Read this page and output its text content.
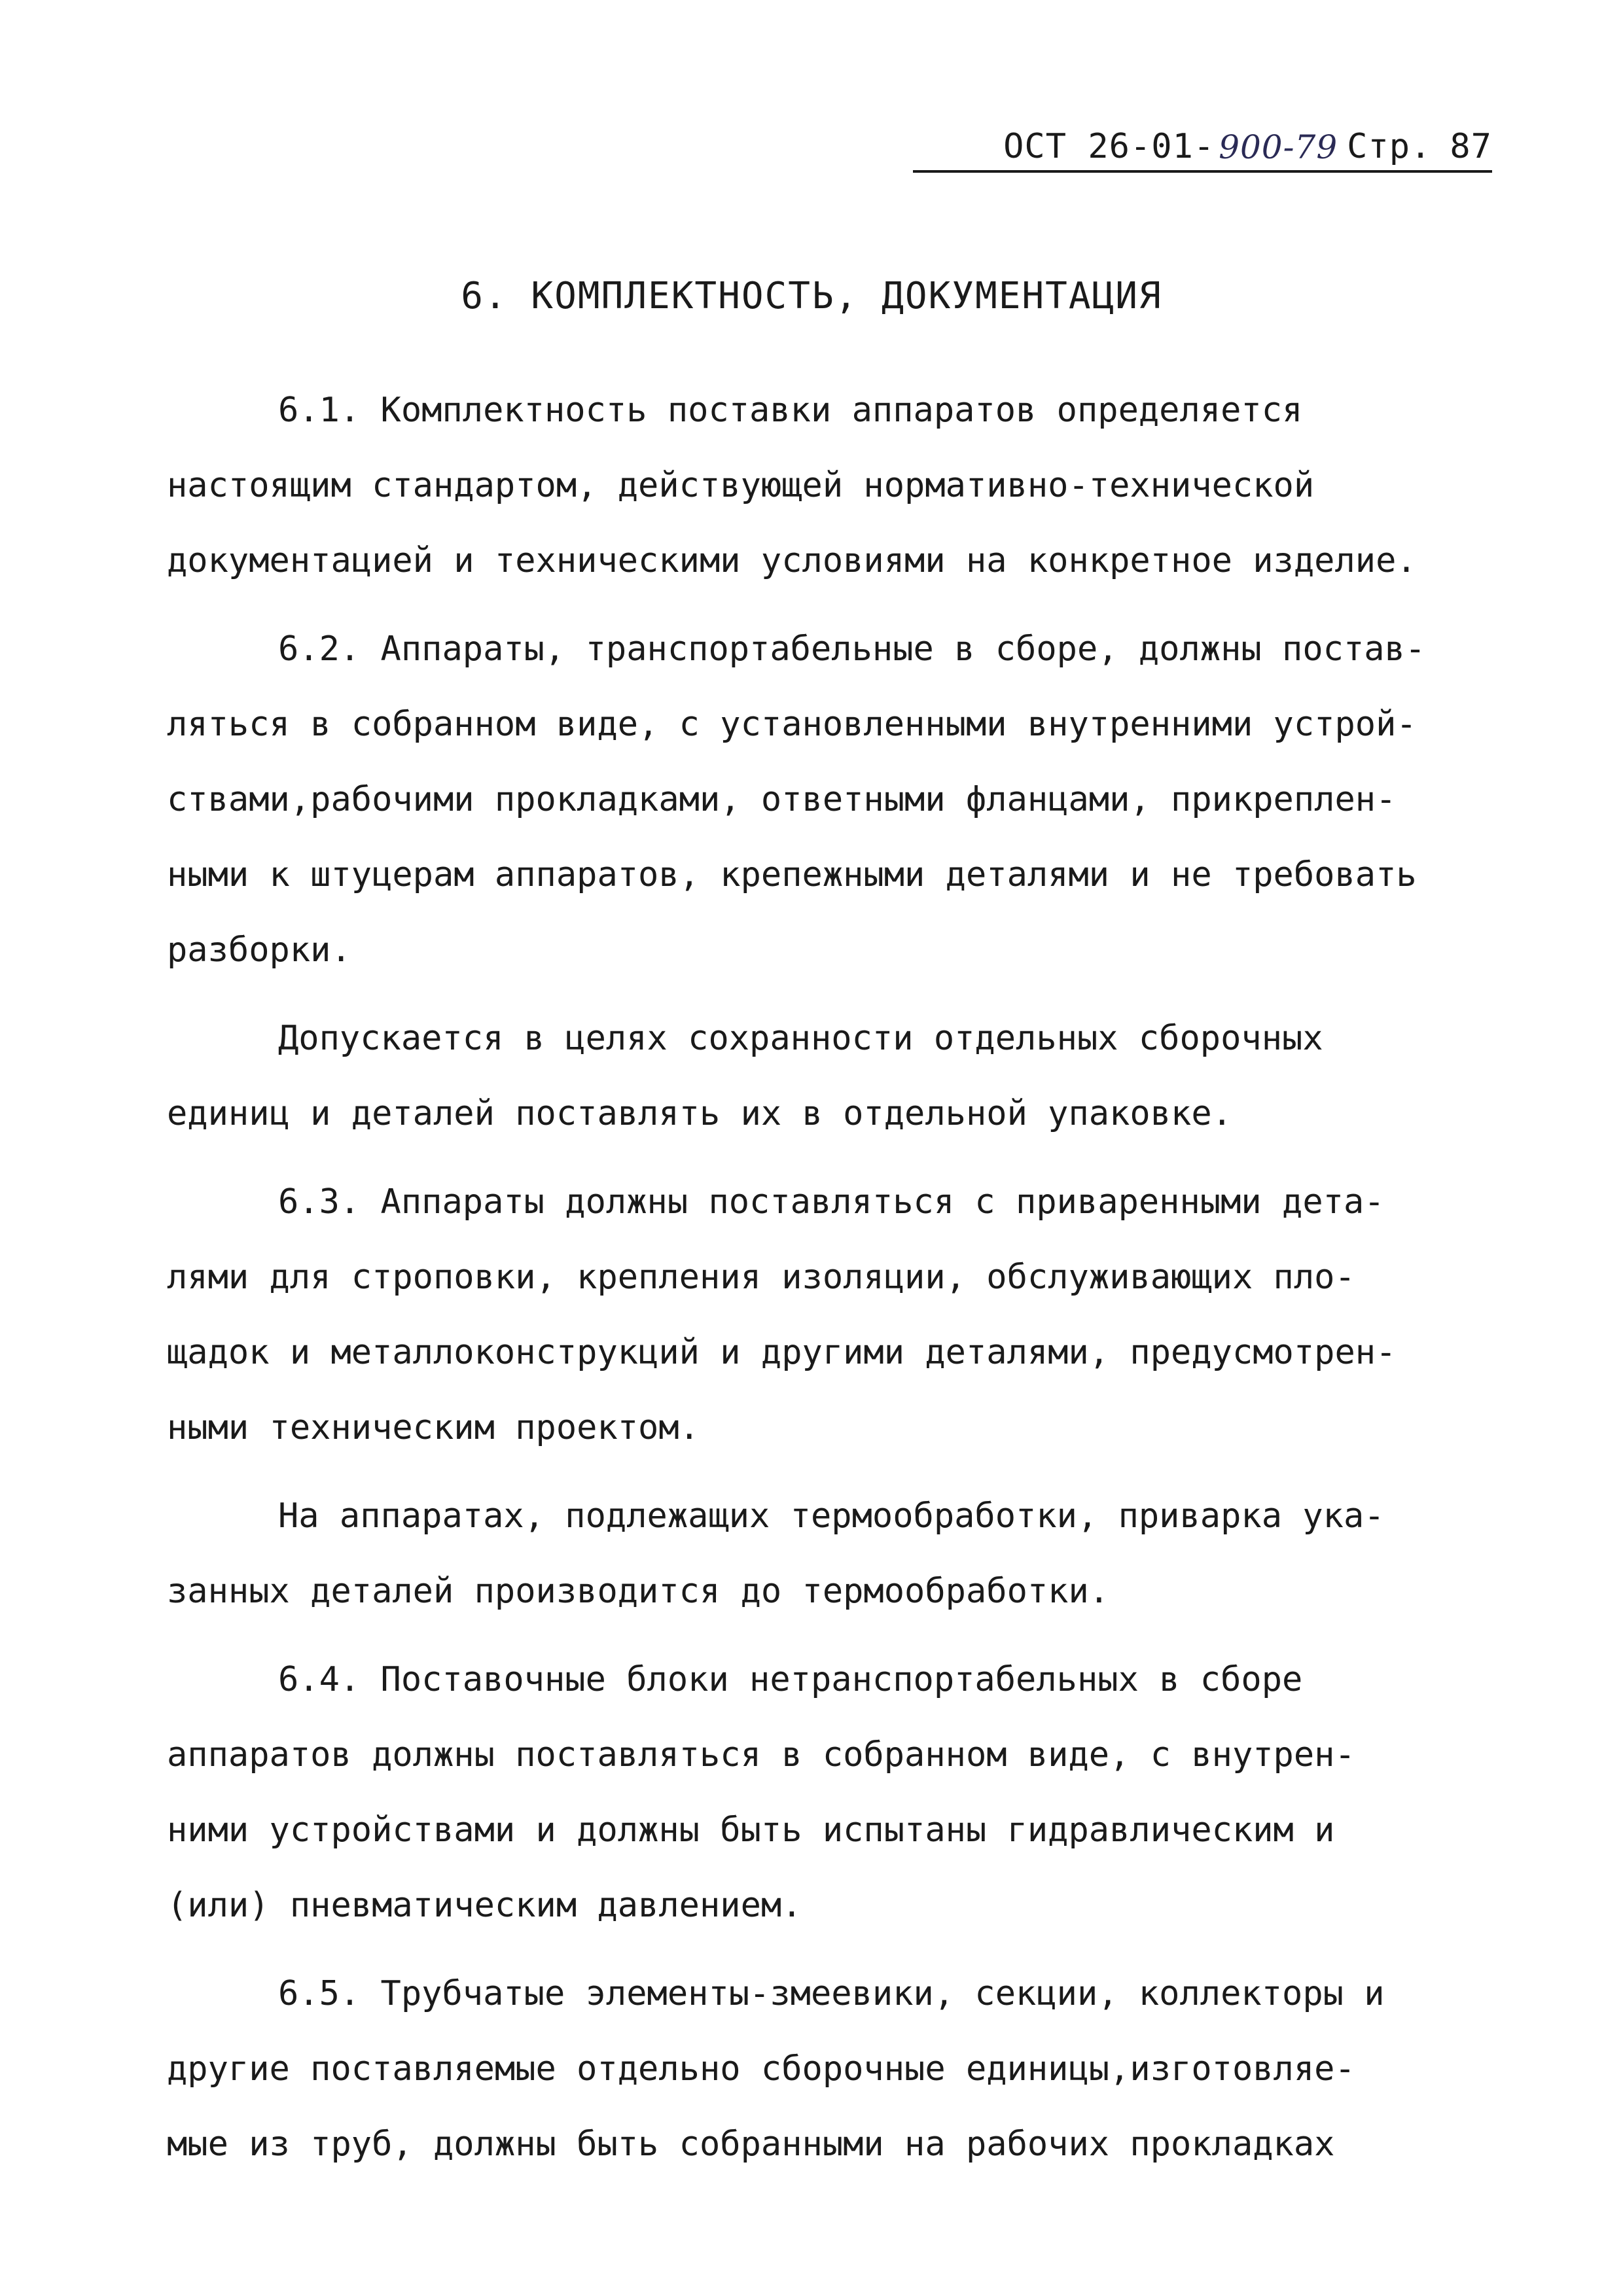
ОСТ 26-01- 900-79 Стр. 87
6. КОМПЛЕКТНОСТЬ, ДОКУМЕНТАЦИЯ
6.1. Комплектность поставки аппаратов определяется
настоящим стандартом, действующей нормативно-технической
документацией и техническими условиями на конкретное изделие.
6.2. Аппараты, транспортабельные в сборе, должны постав-
ляться в собранном виде, с установленными внутренними устрой-
ствами,рабочими прокладками, ответными фланцами, прикреплен-
ными к штуцерам аппаратов, крепежными деталями и не требовать
разборки.
Допускается в целях сохранности отдельных сборочных
единиц и деталей поставлять их в отдельной упаковке.
6.3. Аппараты должны поставляться с приваренными дета-
лями для строповки, крепления изоляции, обслуживающих пло-
щадок и металлоконструкций и другими деталями, предусмотрен-
ными техническим проектом.
На аппаратах, подлежащих термообработки, приварка ука-
занных деталей производится до термообработки.
6.4. Поставочные блоки нетранспортабельных в сборе
аппаратов должны поставляться в собранном виде, с внутрен-
ними устройствами и должны быть испытаны гидравлическим и
(или) пневматическим давлением.
6.5. Трубчатые элементы-змеевики, секции, коллекторы и
другие поставляемые отдельно сборочные единицы,изготовляе-
мые из труб, должны быть собранными на рабочих прокладках
